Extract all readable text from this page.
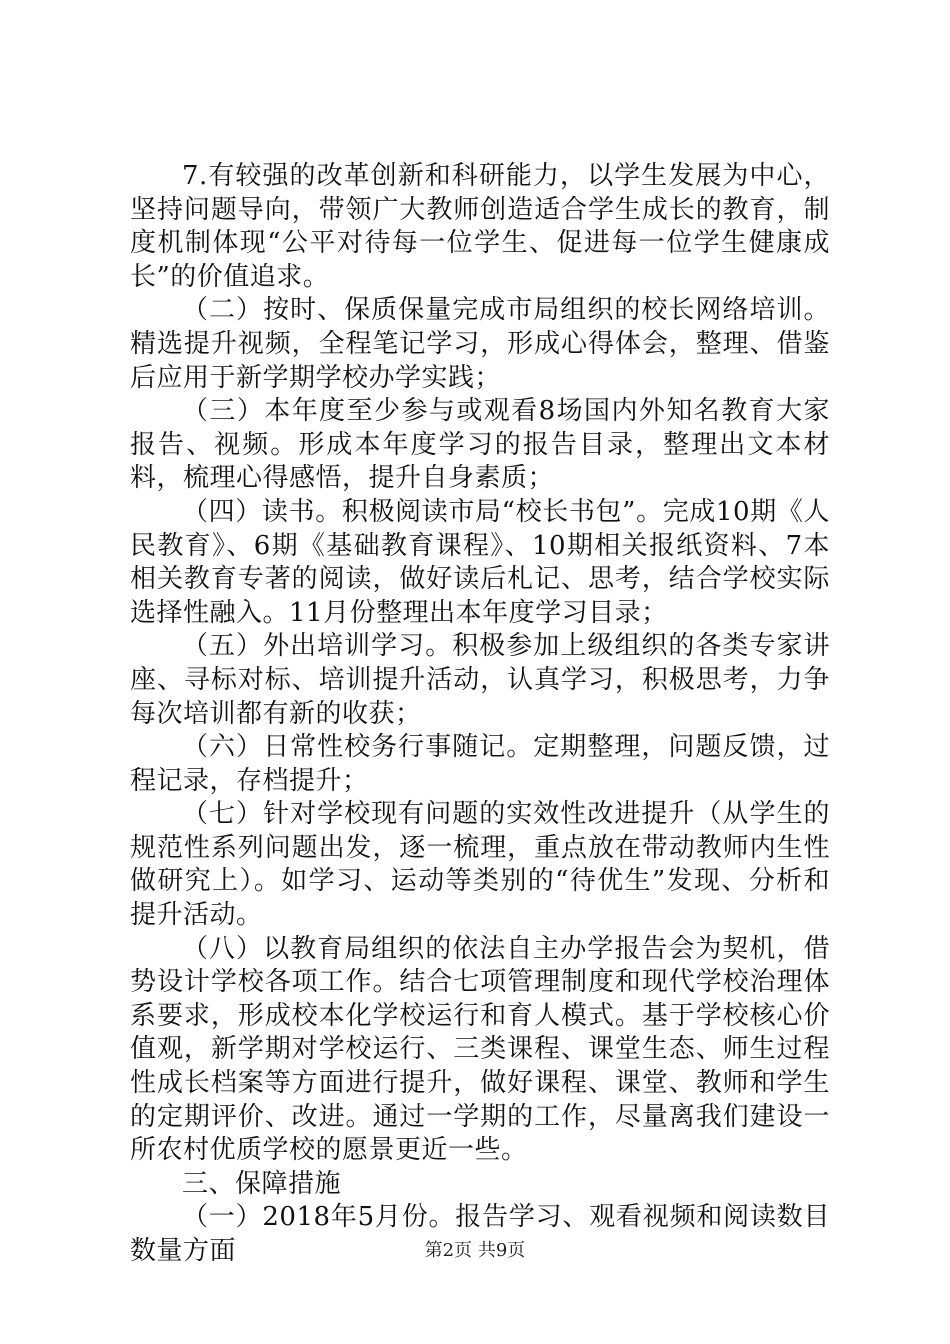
7.有较强的改革创新和科研能力，以学生发展为中心，坚持问题导向，带领广大教师创造适合学生成长的教育，制度机制体现“公平对待每一位学生、促进每一位学生健康成长”的价值追求。

（二）按时、保质保量完成市局组织的校长网络培训。精选提升视频，全程笔记学习，形成心得体会，整理、借鉴后应用于新学期学校办学实践；

（三）本年度至少参与或观看8场国内外知名教育大家报告、视频。形成本年度学习的报告目录，整理出文本材料，梳理心得感悟，提升自身素质；

（四）读书。积极阅读市局“校长书包”。完成10期《人民教育》、6期《基础教育课程》、10期相关报纸资料、7本相关教育专著的阅读，做好读后札记、思考，结合学校实际选择性融入。11月份整理出本年度学习目录；

（五）外出培训学习。积极参加上级组织的各类专家讲座、寻标对标、培训提升活动，认真学习，积极思考，力争每次培训都有新的收获；

（六）日常性校务行事随记。定期整理，问题反馈，过程记录，存档提升；

（七）针对学校现有问题的实效性改进提升（从学生的规范性系列问题出发，逐一梳理，重点放在带动教师内生性做研究上）。如学习、运动等类别的“待优生”发现、分析和提升活动。

（八）以教育局组织的依法自主办学报告会为契机，借势设计学校各项工作。结合七项管理制度和现代学校治理体系要求，形成校本化学校运行和育人模式。基于学校核心价值观，新学期对学校运行、三类课程、课堂生态、师生过程性成长档案等方面进行提升，做好课程、课堂、教师和学生的定期评价、改进。通过一学期的工作，尽量离我们建设一所农村优质学校的愿景更近一些。

三、保障措施

（一）2018年5月份。报告学习、观看视频和阅读数目数量方面	第2页 共9页
